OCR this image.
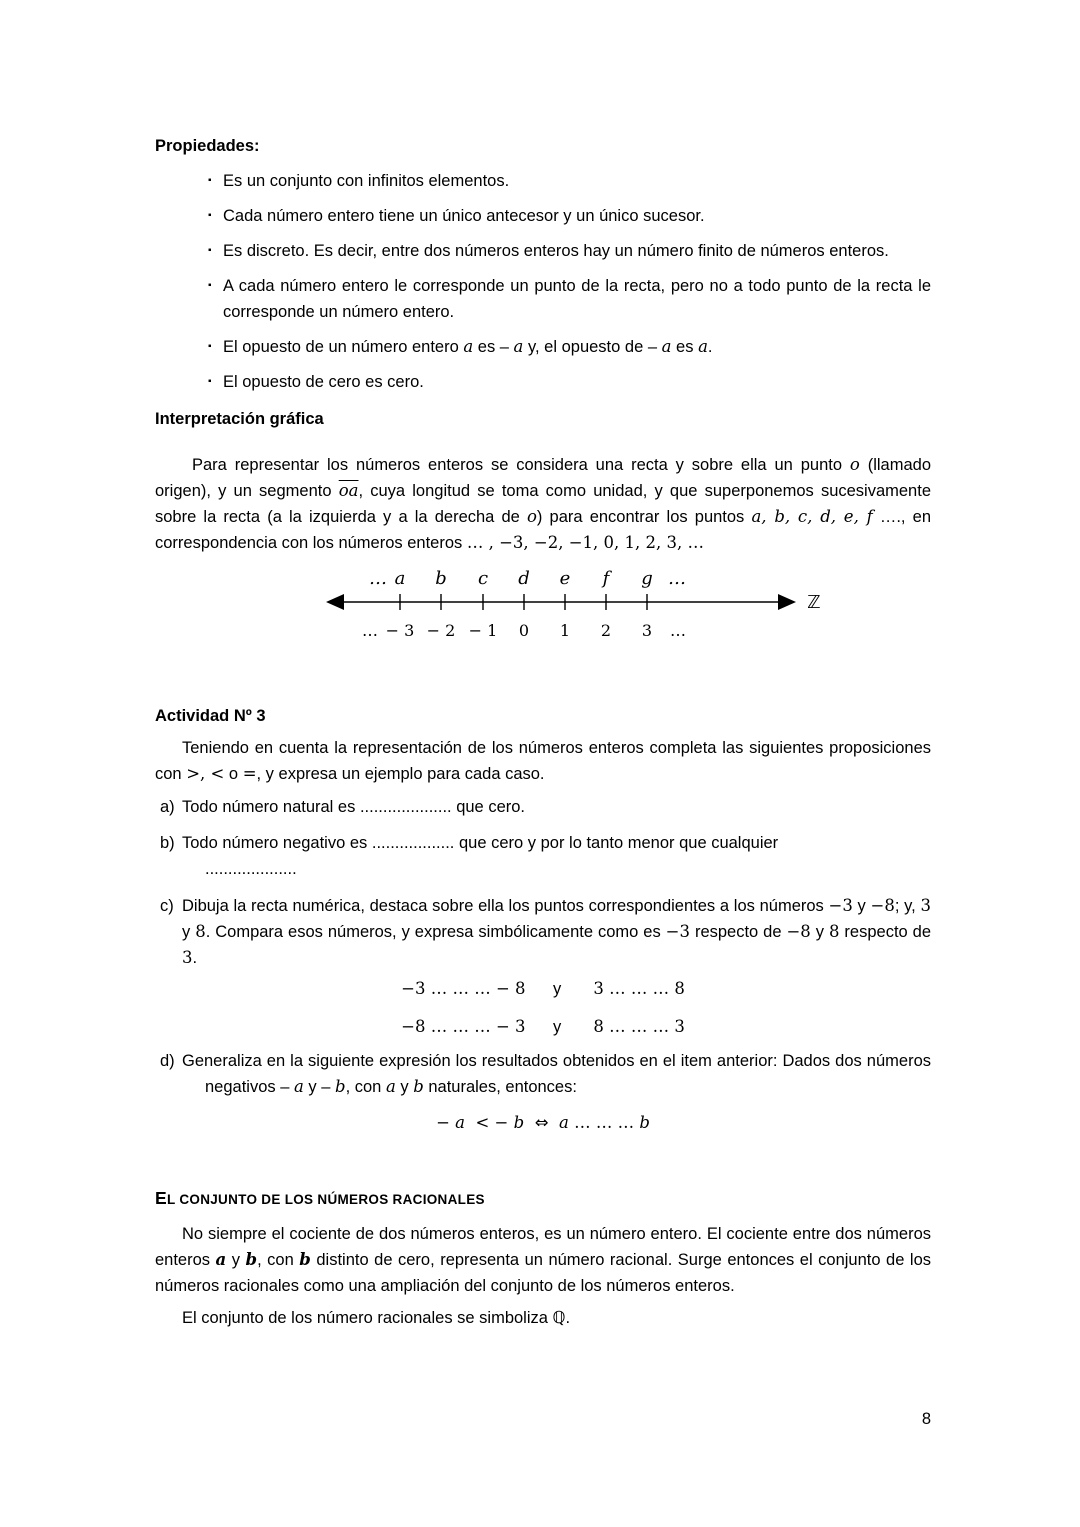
Propiedades:

▪ Es un conjunto con infinitos elementos.
▪ Cada número entero tiene un único antecesor y un único sucesor.
▪ Es discreto. Es decir, entre dos números enteros hay un número finito de números enteros.
▪ A cada número entero le corresponde un punto de la recta, pero no a todo punto de la recta le corresponde un número entero.
▪ El opuesto de un número entero a es – a y, el opuesto de – a es a.
▪ El opuesto de cero es cero.

Interpretación gráfica

Para representar los números enteros se considera una recta y sobre ella un punto o (llamado origen), y un segmento $\overline{oa}$, cuya longitud se toma como unidad, y que superponemos sucesivamente sobre la recta (a la izquierda y a la derecha de o) para encontrar los puntos a, b, c, d, e, f …., en correspondencia con los números enteros … , −3, −2, −1, 0, 1, 2, 3, …

… a b c d e f g …
… − 3 − 2 − 1 0 1 2 3 …
ℤ

Actividad Nº 3

Teniendo en cuenta la representación de los números enteros completa las siguientes proposiciones con >, < o =, y expresa un ejemplo para cada caso.

a) Todo número natural es .................... que cero.
b) Todo número negativo es .................. que cero y por lo tanto menor que cualquier
....................
c) Dibuja la recta numérica, destaca sobre ella los puntos correspondientes a los números −3 y −8; y, 3 y 8. Compara esos números, y expresa simbólicamente como es −3 respecto de −8 y 8 respecto de 3.
−3 … … … − 8      y       3 … … … 8
−8 … … … − 3      y       8 … … … 3
d) Generaliza en la siguiente expresión los resultados obtenidos en el item anterior: Dados dos números negativos – a y – b, con a y b naturales, entonces:
− a  < − b  ⇔  a … … … b

EL CONJUNTO DE LOS NÚMEROS RACIONALES

No siempre el cociente de dos números enteros, es un número entero. El cociente entre dos números enteros a y b, con b distinto de cero, representa un número racional. Surge entonces el conjunto de los números racionales como una ampliación del conjunto de los números enteros.

El conjunto de los número racionales se simboliza ℚ.

8
